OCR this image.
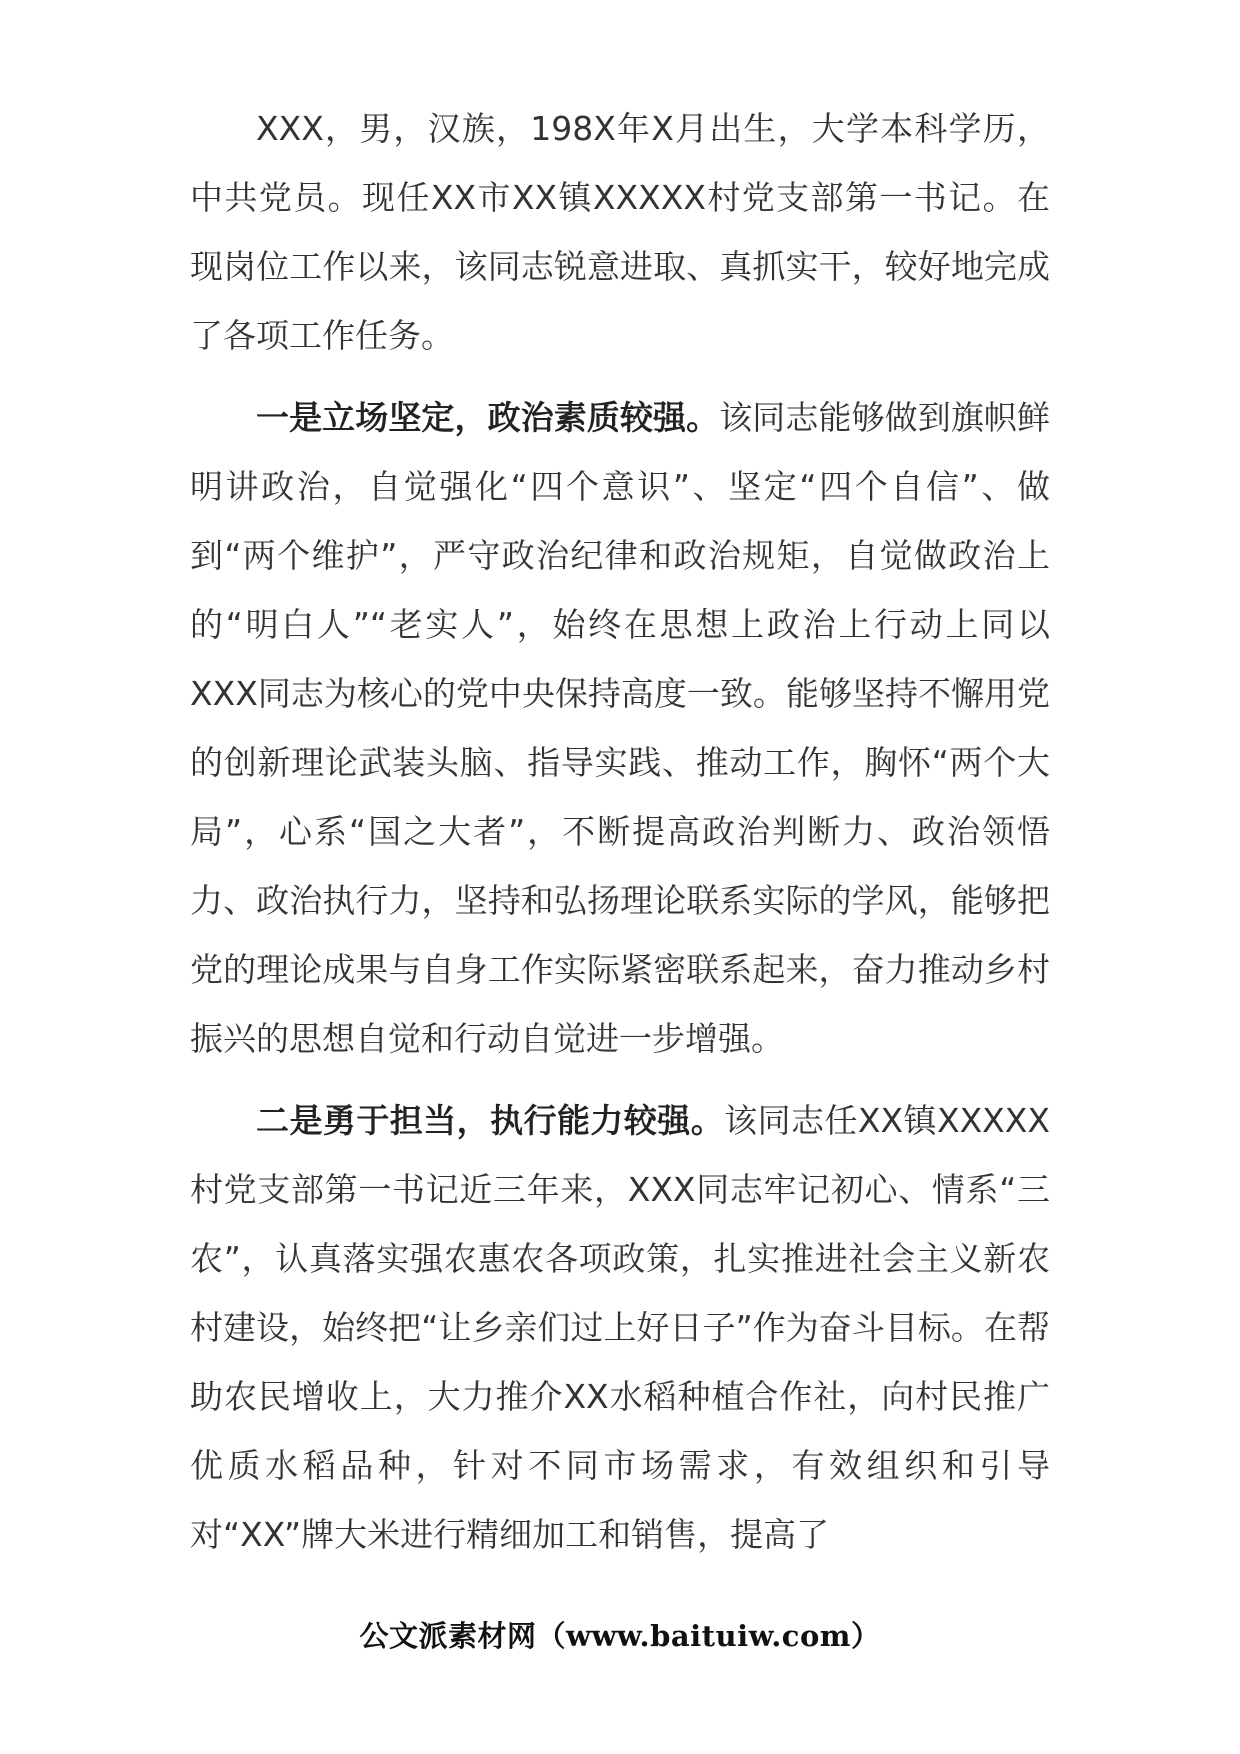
XXX，男，汉族，198X年X月出生，大学本科学历，中共党员。现任XX市XX镇XXXXX村党支部第一书记。在现岗位工作以来，该同志锐意进取、真抓实干，较好地完成了各项工作任务。

一是立场坚定，政治素质较强。该同志能够做到旗帜鲜明讲政治，自觉强化“四个意识”、坚定“四个自信”、做到“两个维护”，严守政治纪律和政治规矩，自觉做政治上的“明白人”“老实人”，始终在思想上政治上行动上同以XXX同志为核心的党中央保持高度一致。能够坚持不懈用党的创新理论武装头脑、指导实践、推动工作，胸怀“两个大局”，心系“国之大者”，不断提高政治判断力、政治领悟力、政治执行力，坚持和弘扬理论联系实际的学风，能够把党的理论成果与自身工作实际紧密联系起来，奋力推动乡村振兴的思想自觉和行动自觉进一步增强。

二是勇于担当，执行能力较强。该同志任XX镇XXXXX村党支部第一书记近三年来，XXX同志牢记初心、情系“三农”，认真落实强农惠农各项政策，扎实推进社会主义新农村建设，始终把“让乡亲们过上好日子”作为奋斗目标。在帮助农民增收上，大力推介XX水稻种植合作社，向村民推广优质水稻品种，针对不同市场需求，有效组织和引导对“XX”牌大米进行精细加工和销售，提高了

公文派素材网（www.baituiw.com）
